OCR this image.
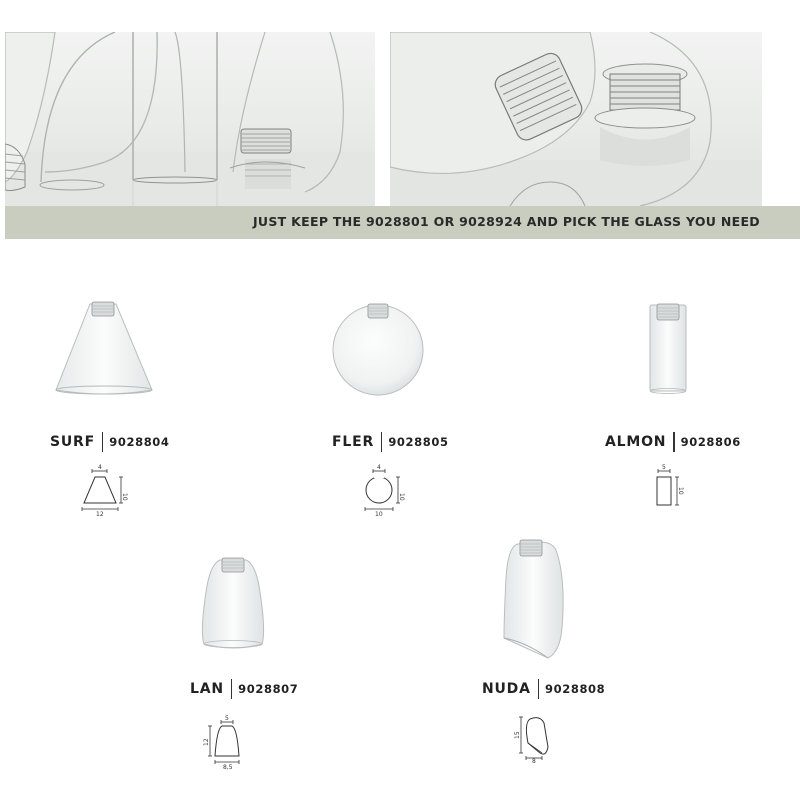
JUST KEEP THE 9028801 OR 9028924 AND PICK THE GLASS YOU NEED
SURF	9028804
4
10
12
FLER	9028805
4
10
10
ALMON	9028806
5
10
LAN	9028807
5
12
8,5
NUDA	9028808
15
8
